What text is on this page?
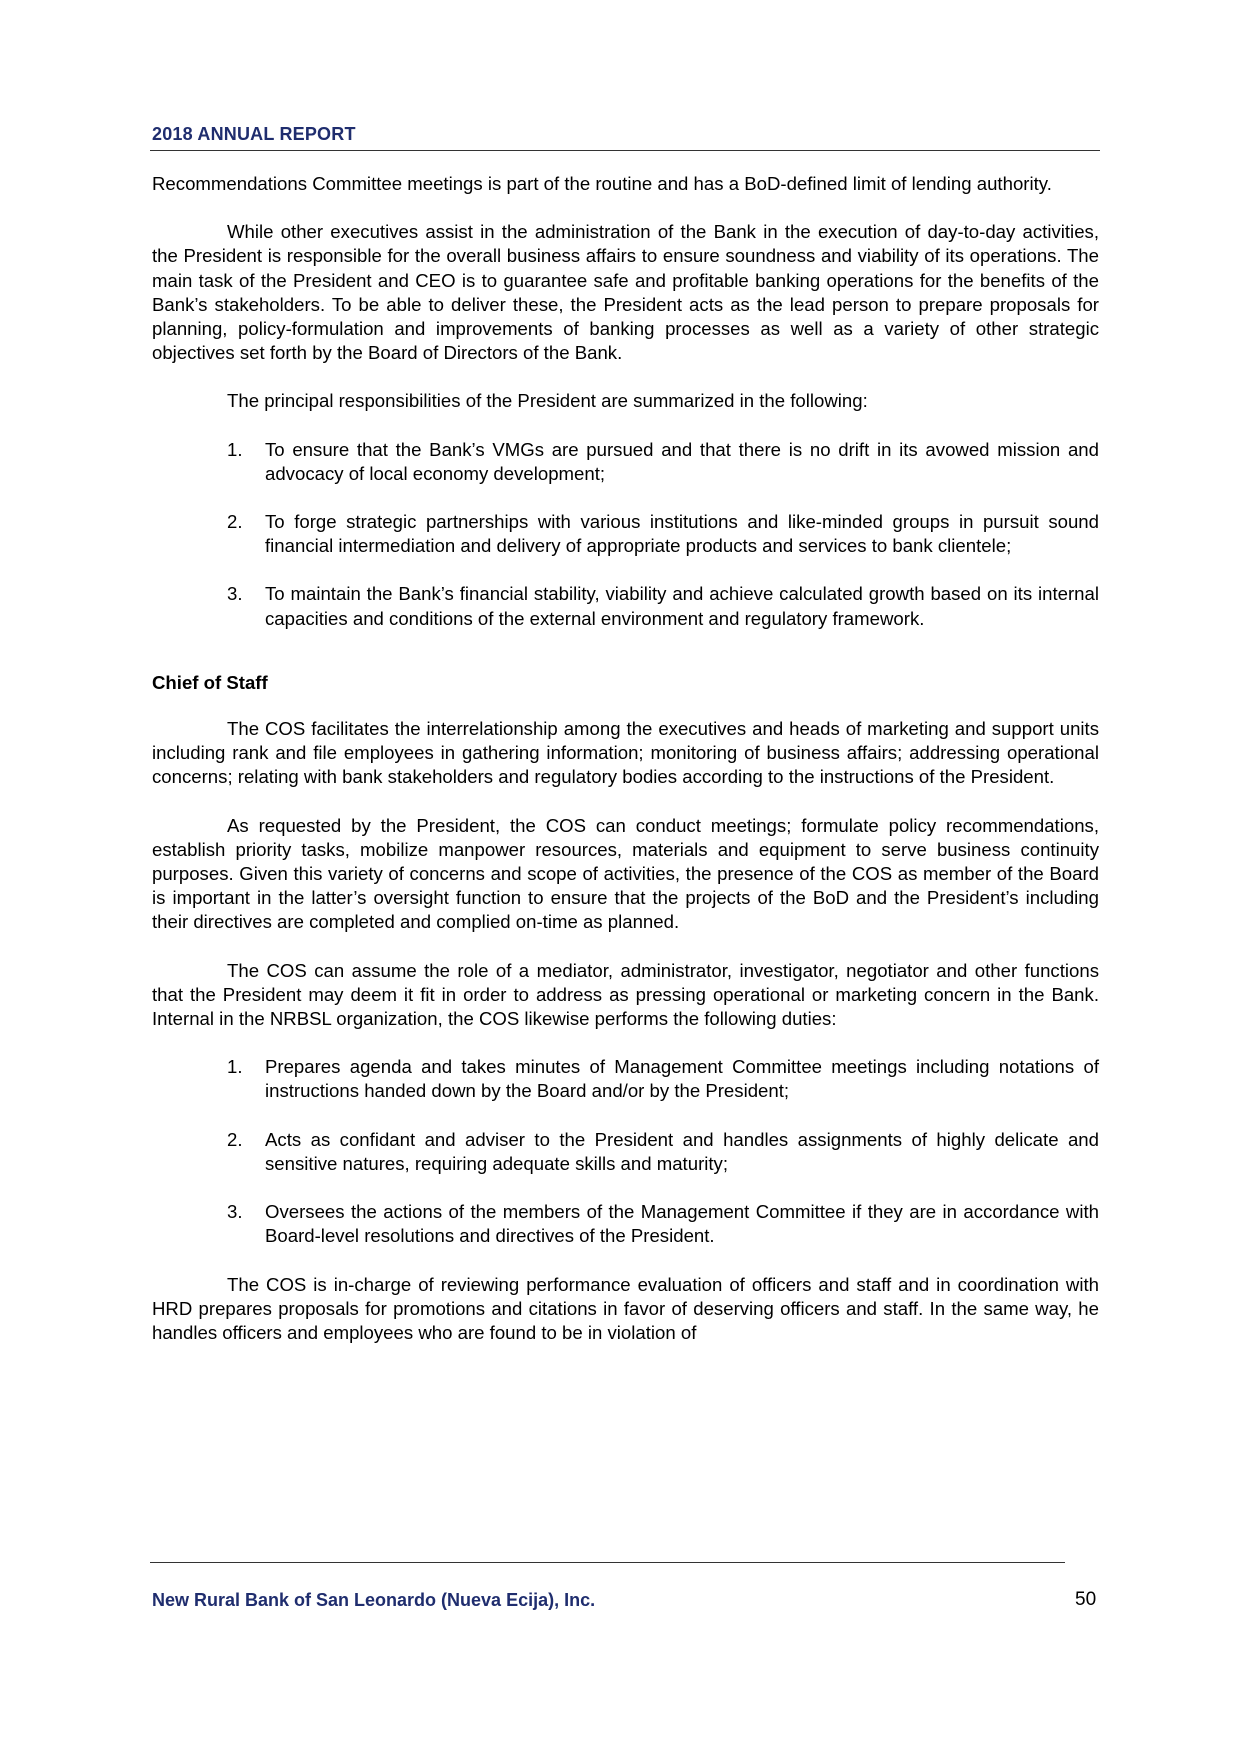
2018 ANNUAL REPORT

Recommendations Committee meetings is part of the routine and has a BoD-defined limit of lending authority.

While other executives assist in the administration of the Bank in the execution of day-to-day activities, the President is responsible for the overall business affairs to ensure soundness and viability of its operations. The main task of the President and CEO is to guarantee safe and profitable banking operations for the benefits of the Bank’s stakeholders. To be able to deliver these, the President acts as the lead person to prepare proposals for planning, policy-formulation and improvements of banking processes as well as a variety of other strategic objectives set forth by the Board of Directors of the Bank.

The principal responsibilities of the President are summarized in the following:

1. To ensure that the Bank’s VMGs are pursued and that there is no drift in its avowed mission and advocacy of local economy development;
2. To forge strategic partnerships with various institutions and like-minded groups in pursuit sound financial intermediation and delivery of appropriate products and services to bank clientele;
3. To maintain the Bank’s financial stability, viability and achieve calculated growth based on its internal capacities and conditions of the external environment and regulatory framework.
Chief of Staff

The COS facilitates the interrelationship among the executives and heads of marketing and support units including rank and file employees in gathering information; monitoring of business affairs; addressing operational concerns; relating with bank stakeholders and regulatory bodies according to the instructions of the President.

As requested by the President, the COS can conduct meetings; formulate policy recommendations, establish priority tasks, mobilize manpower resources, materials and equipment to serve business continuity purposes. Given this variety of concerns and scope of activities, the presence of the COS as member of the Board is important in the latter’s oversight function to ensure that the projects of the BoD and the President’s including their directives are completed and complied on-time as planned.

The COS can assume the role of a mediator, administrator, investigator, negotiator and other functions that the President may deem it fit in order to address as pressing operational or marketing concern in the Bank. Internal in the NRBSL organization, the COS likewise performs the following duties:

1. Prepares agenda and takes minutes of Management Committee meetings including notations of instructions handed down by the Board and/or by the President;
2. Acts as confidant and adviser to the President and handles assignments of highly delicate and sensitive natures, requiring adequate skills and maturity;
3. Oversees the actions of the members of the Management Committee if they are in accordance with Board-level resolutions and directives of the President.

The COS is in-charge of reviewing performance evaluation of officers and staff and in coordination with HRD prepares proposals for promotions and citations in favor of deserving officers and staff. In the same way, he handles officers and employees who are found to be in violation of

New Rural Bank of San Leonardo (Nueva Ecija), Inc.	50
